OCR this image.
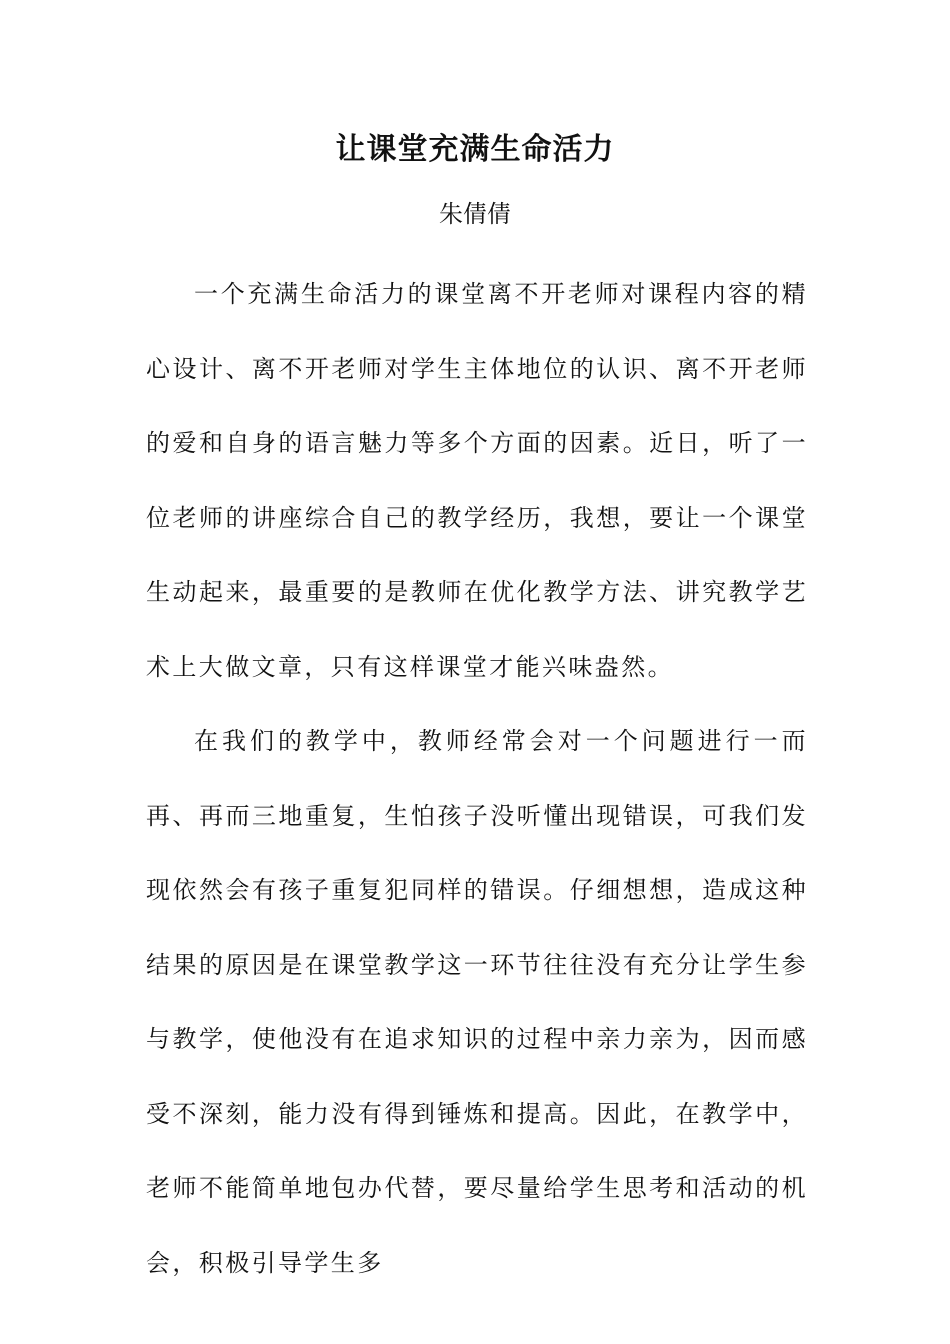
让课堂充满生命活力
朱倩倩

一个充满生命活力的课堂离不开老师对课程内容的精心设计、离不开老师对学生主体地位的认识、离不开老师的爱和自身的语言魅力等多个方面的因素。近日，听了一位老师的讲座综合自己的教学经历，我想，要让一个课堂生动起来，最重要的是教师在优化教学方法、讲究教学艺术上大做文章，只有这样课堂才能兴味盎然。

在我们的教学中，教师经常会对一个问题进行一而再、再而三地重复，生怕孩子没听懂出现错误，可我们发现依然会有孩子重复犯同样的错误。仔细想想，造成这种结果的原因是在课堂教学这一环节往往没有充分让学生参与教学，使他没有在追求知识的过程中亲力亲为，因而感受不深刻，能力没有得到锤炼和提高。因此，在教学中，老师不能简单地包办代替，要尽量给学生思考和活动的机会，积极引导学生多
